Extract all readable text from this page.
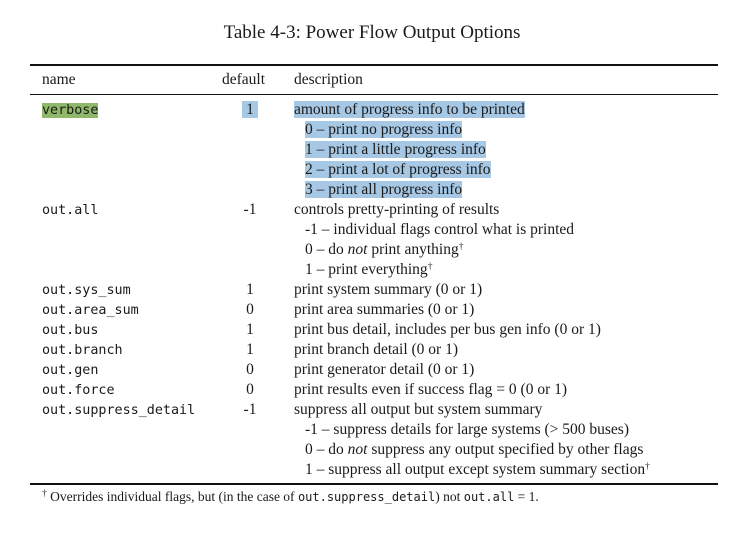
Table 4-3: Power Flow Output Options
name	default description
verbose	1	amount of progress info to be printed
0 – print no progress info
1 – print a little progress info
2 – print a lot of progress info
3 – print all progress info
out.all	-1	controls pretty-printing of results
-1 – individual flags control what is printed
0 – do not print anything†
1 – print everything†
out.sys_sum	1	print system summary (0 or 1)
out.area_sum	0	print area summaries (0 or 1)
out.bus	1	print bus detail, includes per bus gen info (0 or 1)
out.branch	1	print branch detail (0 or 1)
out.gen	0	print generator detail (0 or 1)
out.force	0	print results even if success flag = 0 (0 or 1)
out.suppress_detail	-1	suppress all output but system summary
-1 – suppress details for large systems (> 500 buses)
0 – do not suppress any output specified by other flags
1 – suppress all output except system summary section†
† Overrides individual flags, but (in the case of out.suppress_detail) not out.all = 1.
